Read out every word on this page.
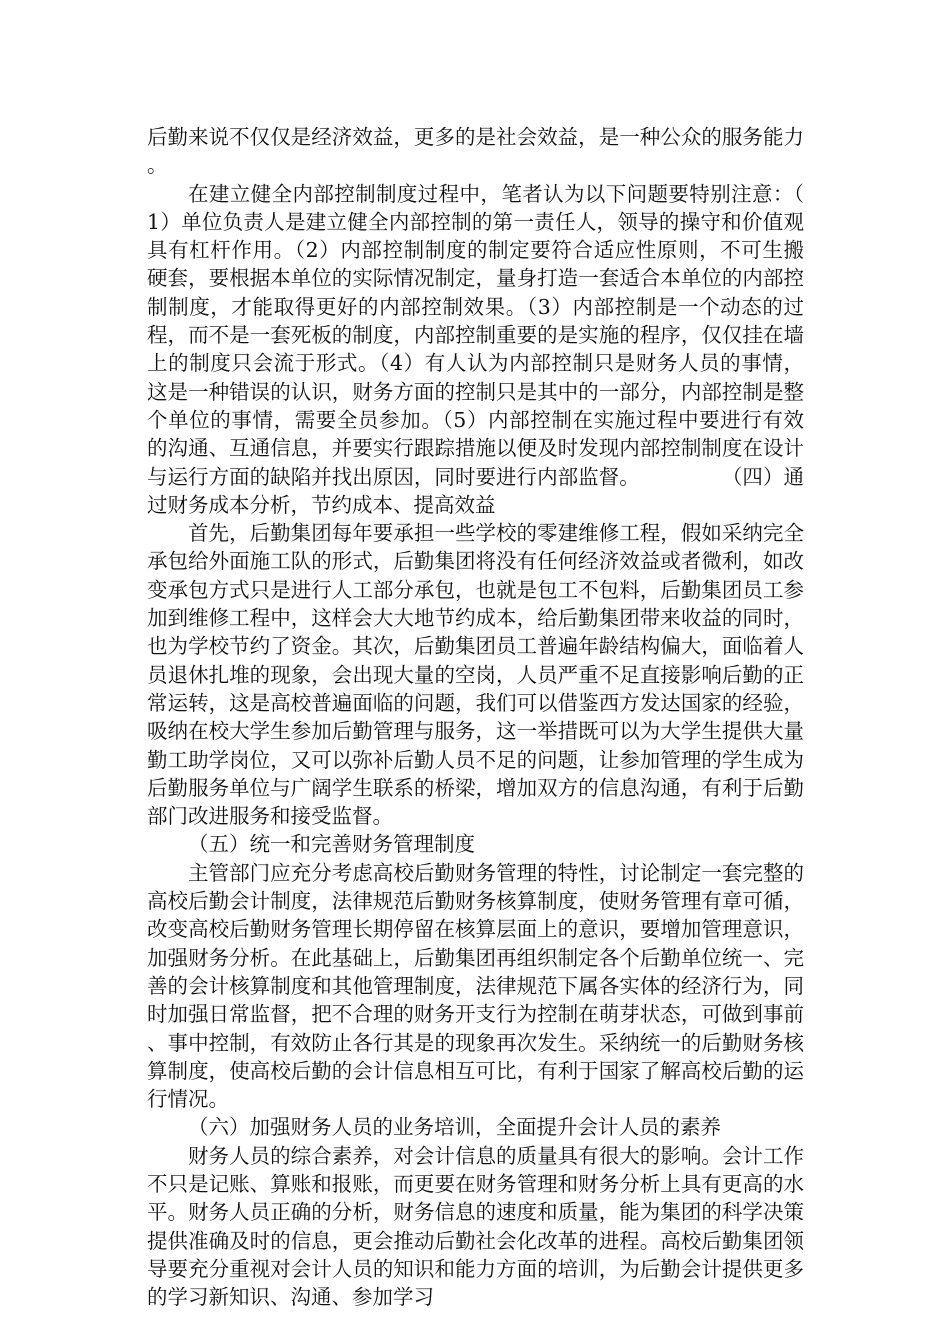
后勤来说不仅仅是经济效益，更多的是社会效益，是一种公众的服务能力。

在建立健全内部控制制度过程中，笔者认为以下问题要特别注意：（1）单位负责人是建立健全内部控制的第一责任人，领导的操守和价值观具有杠杆作用。（2）内部控制制度的制定要符合适应性原则，不可生搬硬套，要根据本单位的实际情况制定，量身打造一套适合本单位的内部控制制度，才能取得更好的内部控制效果。（3）内部控制是一个动态的过程，而不是一套死板的制度，内部控制重要的是实施的程序，仅仅挂在墙上的制度只会流于形式。（4）有人认为内部控制只是财务人员的事情，这是一种错误的认识，财务方面的控制只是其中的一部分，内部控制是整个单位的事情，需要全员参加。（5）内部控制在实施过程中要进行有效的沟通、互通信息，并要实行跟踪措施以便及时发现内部控制制度在设计与运行方面的缺陷并找出原因，同时要进行内部监督。　　　　　（四）通过财务成本分析，节约成本、提高效益

首先，后勤集团每年要承担一些学校的零建维修工程，假如采纳完全承包给外面施工队的形式，后勤集团将没有任何经济效益或者微利，如改变承包方式只是进行人工部分承包，也就是包工不包料，后勤集团员工参加到维修工程中，这样会大大地节约成本，给后勤集团带来收益的同时，也为学校节约了资金。其次，后勤集团员工普遍年龄结构偏大，面临着人员退休扎堆的现象，会出现大量的空岗，人员严重不足直接影响后勤的正常运转，这是高校普遍面临的问题，我们可以借鉴西方发达国家的经验，吸纳在校大学生参加后勤管理与服务，这一举措既可以为大学生提供大量勤工助学岗位，又可以弥补后勤人员不足的问题，让参加管理的学生成为后勤服务单位与广阔学生联系的桥梁，增加双方的信息沟通，有利于后勤部门改进服务和接受监督。

（五）统一和完善财务管理制度

主管部门应充分考虑高校后勤财务管理的特性，讨论制定一套完整的高校后勤会计制度，法律规范后勤财务核算制度，使财务管理有章可循，改变高校后勤财务管理长期停留在核算层面上的意识，要增加管理意识，加强财务分析。在此基础上，后勤集团再组织制定各个后勤单位统一、完善的会计核算制度和其他管理制度，法律规范下属各实体的经济行为，同时加强日常监督，把不合理的财务开支行为控制在萌芽状态，可做到事前、事中控制，有效防止各行其是的现象再次发生。采纳统一的后勤财务核算制度，使高校后勤的会计信息相互可比，有利于国家了解高校后勤的运行情况。

（六）加强财务人员的业务培训，全面提升会计人员的素养

财务人员的综合素养，对会计信息的质量具有很大的影响。会计工作不只是记账、算账和报账，而更要在财务管理和财务分析上具有更高的水平。财务人员正确的分析，财务信息的速度和质量，能为集团的科学决策提供准确及时的信息，更会推动后勤社会化改革的进程。高校后勤集团领导要充分重视对会计人员的知识和能力方面的培训，为后勤会计提供更多的学习新知识、沟通、参加学习
